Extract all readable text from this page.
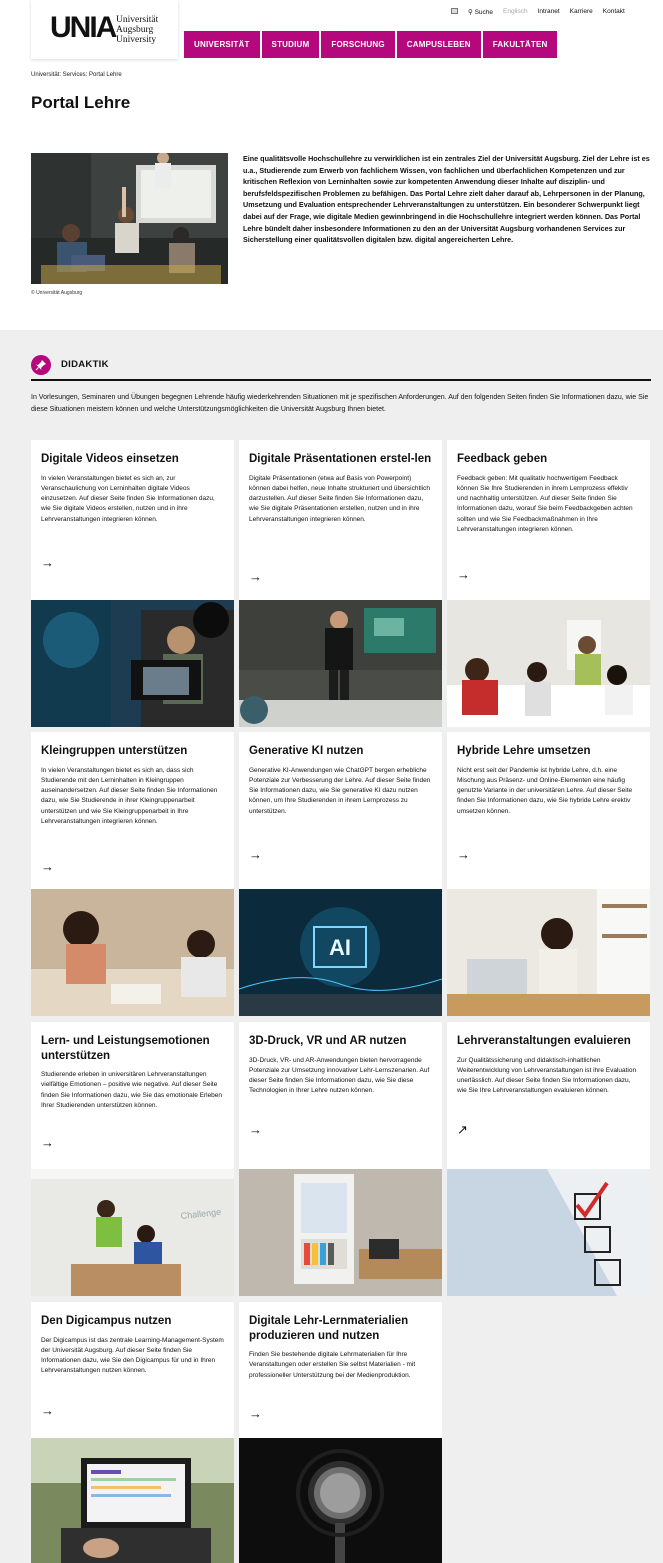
UNIA Universität
Augsburg
University
⚲ Suche Englisch Intranet Karriere Kontakt
UNIVERSITÄT	STUDIUM	FORSCHUNG	CAMPUSLEBEN	FAKULTÄTEN
Universität: Services: Portal Lehre
Portal Lehre
© Universität Augsburg

Eine qualitätsvolle Hochschullehre zu verwirklichen ist ein zentrales Ziel der Universität Augsburg. Ziel der Lehre ist es u.a., Studierende zum Erwerb von fachlichem Wissen, von fachlichen und überfachlichen Kompetenzen und zur kritischen Reflexion von Lerninhalten sowie zur kompetenten Anwendung dieser Inhalte auf disziplin- und berufsfeldspezifischen Problemen zu befähigen. Das Portal Lehre zielt daher darauf ab, Lehrpersonen in der Planung, Umsetzung und Evaluation entsprechender Lehrveranstaltungen zu unterstützen. Ein besonderer Schwerpunkt liegt dabei auf der Frage, wie digitale Medien gewinnbringend in die Hochschullehre integriert werden können. Das Portal Lehre bündelt daher insbesondere Informationen zu den an der Universität Augsburg vorhandenen Services zur Sicherstellung einer qualitätsvollen digitalen bzw. digital angereicherten Lehre.

DIDAKTIK

In Vorlesungen, Seminaren und Übungen begegnen Lehrende häufig wiederkehrenden Situationen mit je spezifischen Anforderungen. Auf den folgenden Seiten finden Sie Informationen dazu, wie Sie diese Situationen meistern können und welche Unterstützungsmöglichkeiten die Universität Augsburg Ihnen bietet.

Digitale Videos einsetzen

In vielen Veranstaltungen bietet es sich an, zur Veranschaulichung von Lerninhalten digitale Videos einzusetzen. Auf dieser Seite finden Sie Informationen dazu, wie Sie digitale Videos erstellen, nutzen und in ihre Lehrveranstaltungen integrieren können.

→
Digitale Präsentationen erstel-len

Digitale Präsentationen (etwa auf Basis von Powerpoint) können dabei helfen, neue Inhalte strukturiert und übersichtlich darzustellen. Auf dieser Seite finden Sie Informationen dazu, wie Sie digitale Präsentationen erstellen, nutzen und in ihre Lehrveranstaltungen integrieren können.

→
Feedback geben

Feedback geben: Mit qualitativ hochwertigem Feedback können Sie Ihre Studierenden in ihrem Lernprozess effektiv und nachhaltig unterstützen. Auf dieser Seite finden Sie Informationen dazu, worauf Sie beim Feedbackgeben achten sollten und wie Sie Feedbackmaßnahmen in Ihre Lehrveranstaltungen integrieren können.

→
Kleingruppen unterstützen

In vielen Veranstaltungen bietet es sich an, dass sich Studierende mit den Lerninhalten in Kleingruppen auseinandersetzen. Auf dieser Seite finden Sie Informationen dazu, wie Sie Studierende in ihrer Kleingruppenarbeit unterstützen und wie Sie Kleingruppenarbeit in Ihre Lehrveranstaltungen integrieren können.

→
Generative KI nutzen

Generative KI-Anwendungen wie ChatGPT bergen erhebliche Potenziale zur Verbesserung der Lehre. Auf dieser Seite finden Sie Informationen dazu, wie Sie generative KI dazu nutzen können, um Ihre Studierenden in ihrem Lernprozess zu unterstützen.

→
Hybride Lehre umsetzen

Nicht erst seit der Pandemie ist hybride Lehre, d.h. eine Mischung aus Präsenz- und Online-Elementen eine häufig genutzte Variante in der universitären Lehre. Auf dieser Seite finden Sie Informationen dazu, wie Sie hybride Lehre erektiv umsetzen können.

→
AI
Lern- und Leistungsemotionen unterstützen

Studierende erleben in universitären Lehrveranstaltungen vielfältige Emotionen – positive wie negative. Auf dieser Seite finden Sie Informationen dazu, wie Sie das emotionale Erleben Ihrer Studierenden unterstützen können.

→
3D-Druck, VR und AR nutzen

3D-Druck, VR- und AR-Anwendungen bieten hervorragende Potenziale zur Umsetzung innovativer Lehr-Lernszenarien. Auf dieser Seite finden Sie Informationen dazu, wie Sie diese Technologien in Ihrer Lehre nutzen können.

→
Lehrveranstaltungen evaluieren

Zur Qualitätssicherung und didaktisch-inhaltlichen Weiterentwicklung von Lehrveranstaltungen ist ihre Evaluation unerlässlich. Auf dieser Seite finden Sie Informationen dazu, wie Sie Ihre Lehrveranstaltungen evaluieren können.

↗
Challenge
Den Digicampus nutzen

Der Digicampus ist das zentrale Learning-Management-System der Universität Augsburg. Auf dieser Seite finden Sie Informationen dazu, wie Sie den Digicampus für und in Ihren Lehrveranstaltungen nutzen können.

→
Digitale Lehr-Lernmaterialien produzieren und nutzen

Finden Sie bestehende digitale Lehrmaterialien für Ihre Veranstaltungen oder erstellen Sie selbst Materialien - mit professioneller Unterstützung bei der Medienproduktion.

→
